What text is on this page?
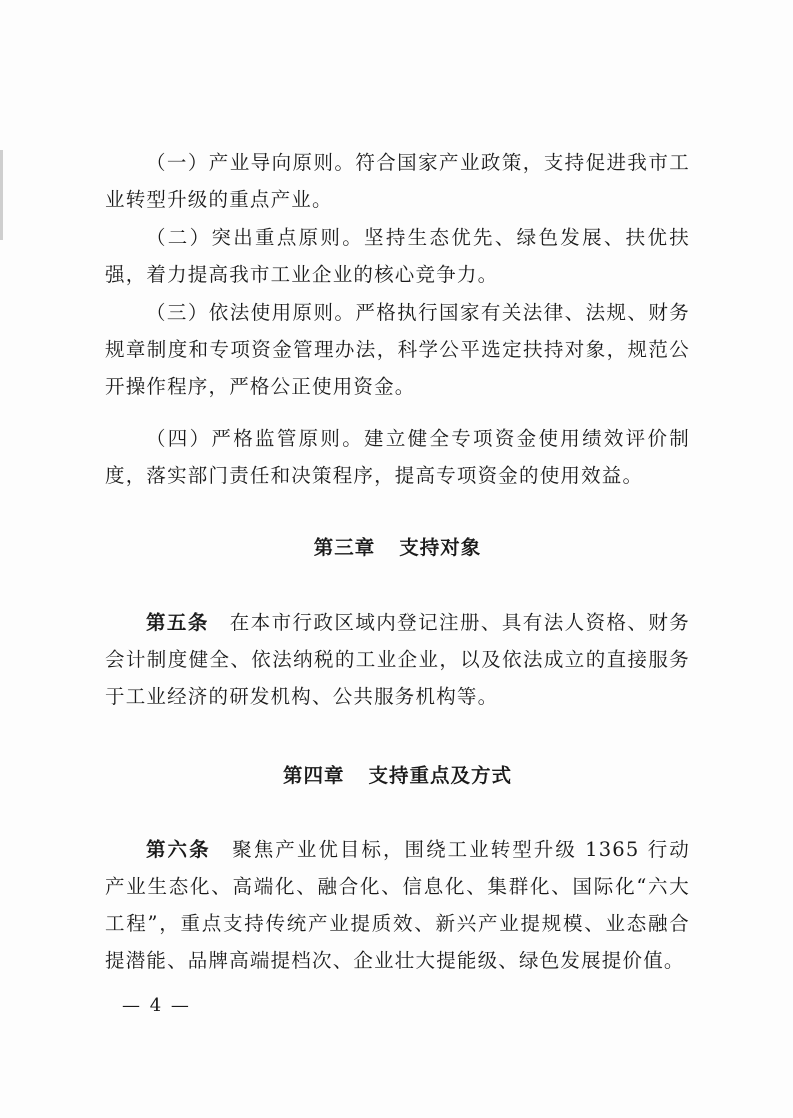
（一）产业导向原则。符合国家产业政策，支持促进我市工业转型升级的重点产业。

（二）突出重点原则。坚持生态优先、绿色发展、扶优扶强，着力提高我市工业企业的核心竞争力。

（三）依法使用原则。严格执行国家有关法律、法规、财务规章制度和专项资金管理办法，科学公平选定扶持对象，规范公开操作程序，严格公正使用资金。

（四）严格监管原则。建立健全专项资金使用绩效评价制度，落实部门责任和决策程序，提高专项资金的使用效益。

第三章 支持对象

第五条　 在本市行政区域内登记注册、具有法人资格、财务会计制度健全、依法纳税的工业企业，以及依法成立的直接服务于工业经济的研发机构、公共服务机构等。

第四章 支持重点及方式

第六条　 聚焦产业优目标，围绕工业转型升级 1365 行动产业生态化、高端化、融合化、信息化、集群化、国际化“六大工程”，重点支持传统产业提质效、新兴产业提规模、业态融合提潜能、品牌高端提档次、企业壮大提能级、绿色发展提价值。

— 4 —
